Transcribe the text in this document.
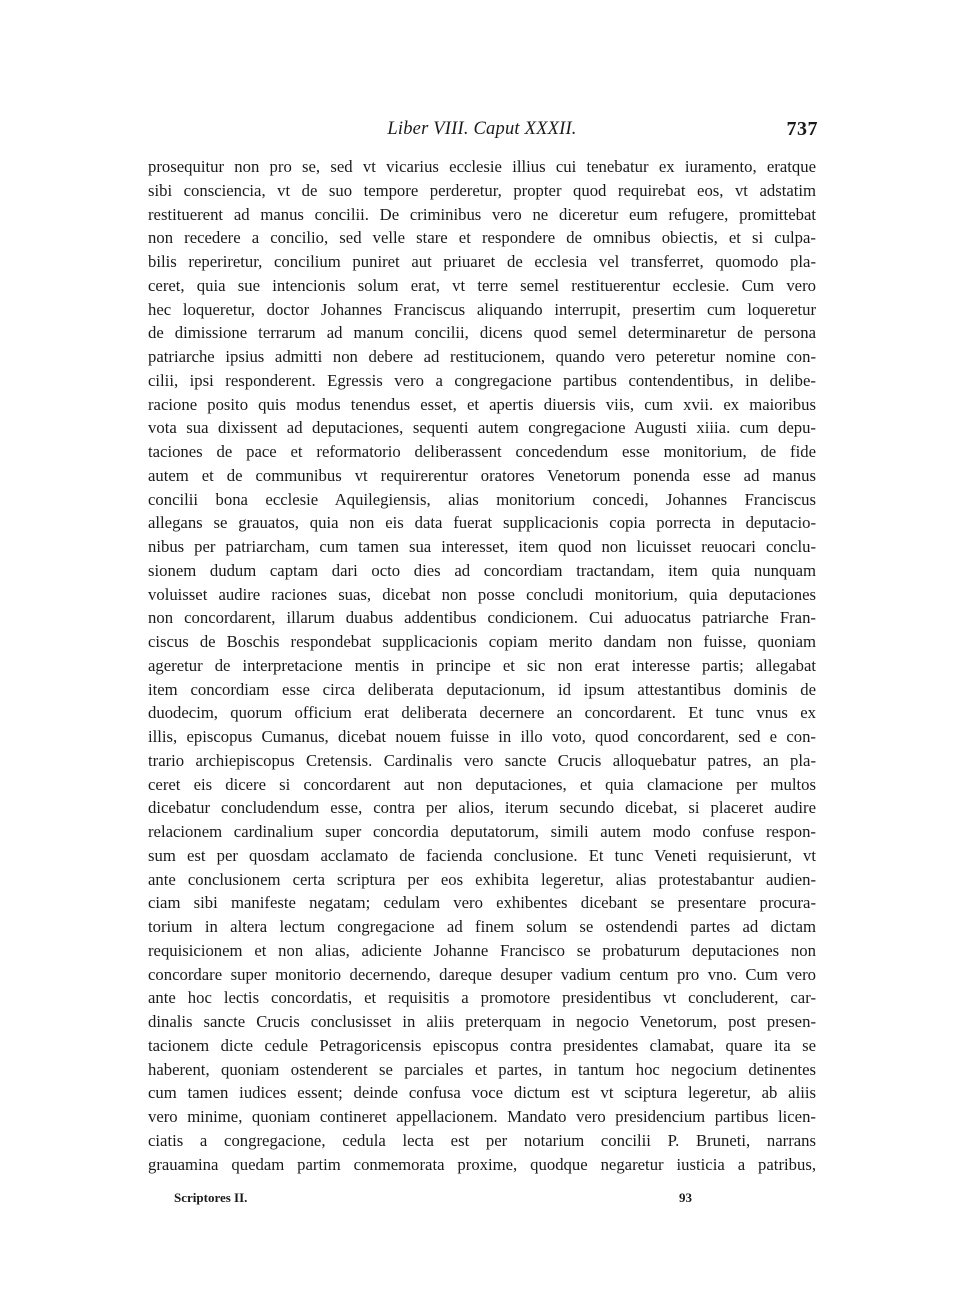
Liber VIII. Caput XXXII.	737
prosequitur non pro se, sed vt vicarius ecclesie illius cui tenebatur ex iuramento, eratque
sibi consciencia, vt de suo tempore perderetur, propter quod requirebat eos, vt adstatim
restituerent ad manus concilii. De criminibus vero ne diceretur eum refugere, promittebat
non recedere a concilio, sed velle stare et respondere de omnibus obiectis, et si culpa-
bilis reperiretur, concilium puniret aut priuaret de ecclesia vel transferret, quomodo pla-
ceret, quia sue intencionis solum erat, vt terre semel restituerentur ecclesie. Cum vero
hec loqueretur, doctor Johannes Franciscus aliquando interrupit, presertim cum loqueretur
de dimissione terrarum ad manum concilii, dicens quod semel determinaretur de persona
patriarche ipsius admitti non debere ad restitucionem, quando vero peteretur nomine con-
cilii, ipsi responderent. Egressis vero a congregacione partibus contendentibus, in delibe-
racione posito quis modus tenendus esset, et apertis diuersis viis, cum xvii. ex maioribus
vota sua dixissent ad deputaciones, sequenti autem congregacione Augusti xiiia. cum depu-
taciones de pace et reformatorio deliberassent concedendum esse monitorium, de fide
autem et de communibus vt requirerentur oratores Venetorum ponenda esse ad manus
concilii bona ecclesie Aquilegiensis, alias monitorium concedi, Johannes Franciscus
allegans se grauatos, quia non eis data fuerat supplicacionis copia porrecta in deputacio-
nibus per patriarcham, cum tamen sua interesset, item quod non licuisset reuocari conclu-
sionem dudum captam dari octo dies ad concordiam tractandam, item quia nunquam
voluisset audire raciones suas, dicebat non posse concludi monitorium, quia deputaciones
non concordarent, illarum duabus addentibus condicionem. Cui aduocatus patriarche Fran-
ciscus de Boschis respondebat supplicacionis copiam merito dandam non fuisse, quoniam
ageretur de interpretacione mentis in principe et sic non erat interesse partis; allegabat
item concordiam esse circa deliberata deputacionum, id ipsum attestantibus dominis de
duodecim, quorum officium erat deliberata decernere an concordarent. Et tunc vnus ex
illis, episcopus Cumanus, dicebat nouem fuisse in illo voto, quod concordarent, sed e con-
trario archiepiscopus Cretensis. Cardinalis vero sancte Crucis alloquebatur patres, an pla-
ceret eis dicere si concordarent aut non deputaciones, et quia clamacione per multos
dicebatur concludendum esse, contra per alios, iterum secundo dicebat, si placeret audire
relacionem cardinalium super concordia deputatorum, simili autem modo confuse respon-
sum est per quosdam acclamato de facienda conclusione. Et tunc Veneti requisierunt, vt
ante conclusionem certa scriptura per eos exhibita legeretur, alias protestabantur audien-
ciam sibi manifeste negatam; cedulam vero exhibentes dicebant se presentare procura-
torium in altera lectum congregacione ad finem solum se ostendendi partes ad dictam
requisicionem et non alias, adiciente Johanne Francisco se probaturum deputaciones non
concordare super monitorio decernendo, dareque desuper vadium centum pro vno. Cum vero
ante hoc lectis concordatis, et requisitis a promotore presidentibus vt concluderent, car-
dinalis sancte Crucis conclusisset in aliis preterquam in negocio Venetorum, post presen-
tacionem dicte cedule Petragoricensis episcopus contra presidentes clamabat, quare ita se
haberent, quoniam ostenderent se parciales et partes, in tantum hoc negocium detinentes
cum tamen iudices essent; deinde confusa voce dictum est vt sciptura legeretur, ab aliis
vero minime, quoniam contineret appellacionem. Mandato vero presidencium partibus licen-
ciatis a congregacione, cedula lecta est per notarium concilii P. Bruneti, narrans
grauamina quedam partim conmemorata proxime, quodque negaretur iusticia a patribus,
Scriptores II.	93
